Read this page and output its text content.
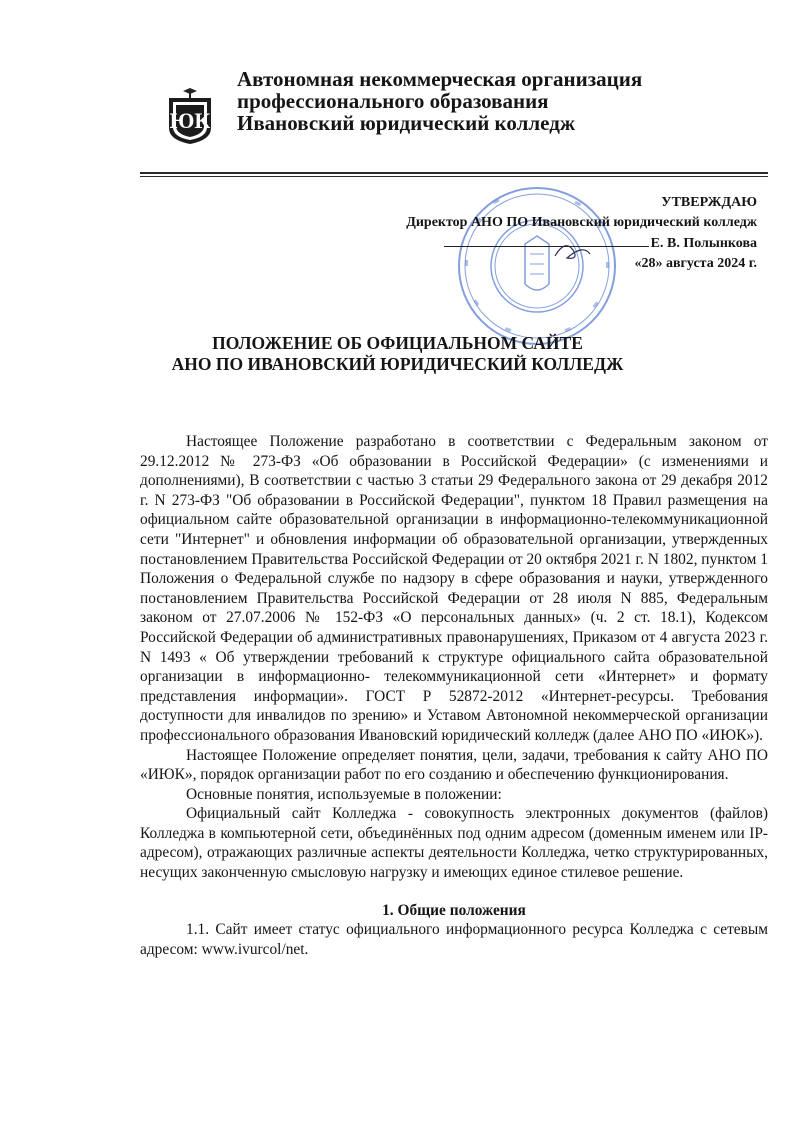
ЮК
Автономная некоммерческая организация
профессионального образования
Ивановский юридический колледж
УТВЕРЖДАЮ
Директор АНО ПО Ивановский юридический колледж
Е. В. Полынкова
«28» августа 2024 г.
ПОЛОЖЕНИЕ ОБ ОФИЦИАЛЬНОМ САЙТЕ
АНО ПО ИВАНОВСКИЙ ЮРИДИЧЕСКИЙ КОЛЛЕДЖ

Настоящее Положение разработано в соответствии с Федеральным законом от 29.12.2012 № 273-ФЗ «Об образовании в Российской Федерации» (с изменениями и дополнениями), В соответствии с частью 3 статьи 29 Федерального закона от 29 декабря 2012 г. N 273-ФЗ "Об образовании в Российской Федерации", пунктом 18 Правил размещения на официальном сайте образовательной организации в информационно-телекоммуникационной сети "Интернет" и обновления информации об образовательной организации, утвержденных постановлением Правительства Российской Федерации от 20 октября 2021 г. N 1802, пунктом 1 Положения о Федеральной службе по надзору в сфере образования и науки, утвержденного постановлением Правительства Российской Федерации от 28 июля N 885, Федеральным законом от 27.07.2006 № 152-ФЗ «О персональных данных» (ч. 2 ст. 18.1), Кодексом Российской Федерации об административных правонарушениях, Приказом от 4 августа 2023 г. N 1493 « Об утверждении требований к структуре официального сайта образовательной организации в информационно- телекоммуникационной сети «Интернет» и формату представления информации». ГОСТ Р 52872-2012 «Интернет-ресурсы. Требования доступности для инвалидов по зрению» и Уставом Автономной некоммерческой организации профессионального образования Ивановский юридический колледж (далее АНО ПО «ИЮК»).

Настоящее Положение определяет понятия, цели, задачи, требования к сайту АНО ПО «ИЮК», порядок организации работ по его созданию и обеспечению функционирования.

Основные понятия, используемые в положении:

Официальный сайт Колледжа - совокупность электронных документов (файлов) Колледжа в компьютерной сети, объединённых под одним адресом (доменным именем или IP-адресом), отражающих различные аспекты деятельности Колледжа, четко структурированных, несущих законченную смысловую нагрузку и имеющих единое стилевое решение.

1. Общие положения

1.1. Сайт имеет статус официального информационного ресурса Колледжа с сетевым адресом: www.ivurcol/net.
